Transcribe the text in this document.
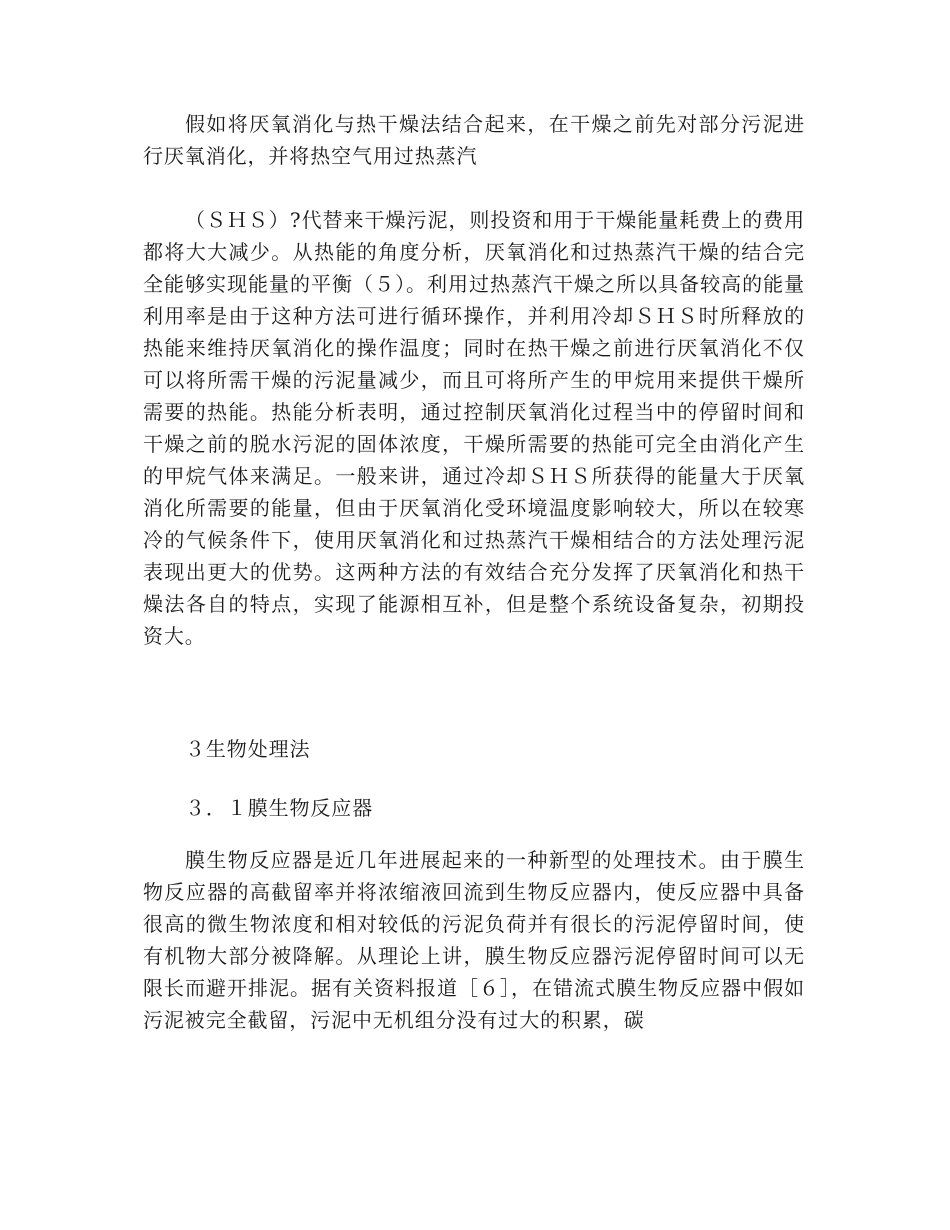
假如将厌氧消化与热干燥法结合起来，在干燥之前先对部分污泥进行厌氧消化，并将热空气用过热蒸汽

（ＳＨＳ）?代替来干燥污泥，则投资和用于干燥能量耗费上的费用都将大大减少。从热能的角度分析，厌氧消化和过热蒸汽干燥的结合完全能够实现能量的平衡（５）。利用过热蒸汽干燥之所以具备较高的能量利用率是由于这种方法可进行循环操作，并利用冷却ＳＨＳ时所释放的热能来维持厌氧消化的操作温度；同时在热干燥之前进行厌氧消化不仅可以将所需干燥的污泥量减少，而且可将所产生的甲烷用来提供干燥所需要的热能。热能分析表明，通过控制厌氧消化过程当中的停留时间和干燥之前的脱水污泥的固体浓度，干燥所需要的热能可完全由消化产生的甲烷气体来满足。一般来讲，通过冷却ＳＨＳ所获得的能量大于厌氧消化所需要的能量，但由于厌氧消化受环境温度影响较大，所以在较寒冷的气候条件下，使用厌氧消化和过热蒸汽干燥相结合的方法处理污泥表现出更大的优势。这两种方法的有效结合充分发挥了厌氧消化和热干燥法各自的特点，实现了能源相互补，但是整个系统设备复杂，初期投资大。

３生物处理法

３．１膜生物反应器

膜生物反应器是近几年进展起来的一种新型的处理技术。由于膜生物反应器的高截留率并将浓缩液回流到生物反应器内，使反应器中具备很高的微生物浓度和相对较低的污泥负荷并有很长的污泥停留时间，使有机物大部分被降解。从理论上讲，膜生物反应器污泥停留时间可以无限长而避开排泥。据有关资料报道［６］，在错流式膜生物反应器中假如污泥被完全截留，污泥中无机组分没有过大的积累，碳
